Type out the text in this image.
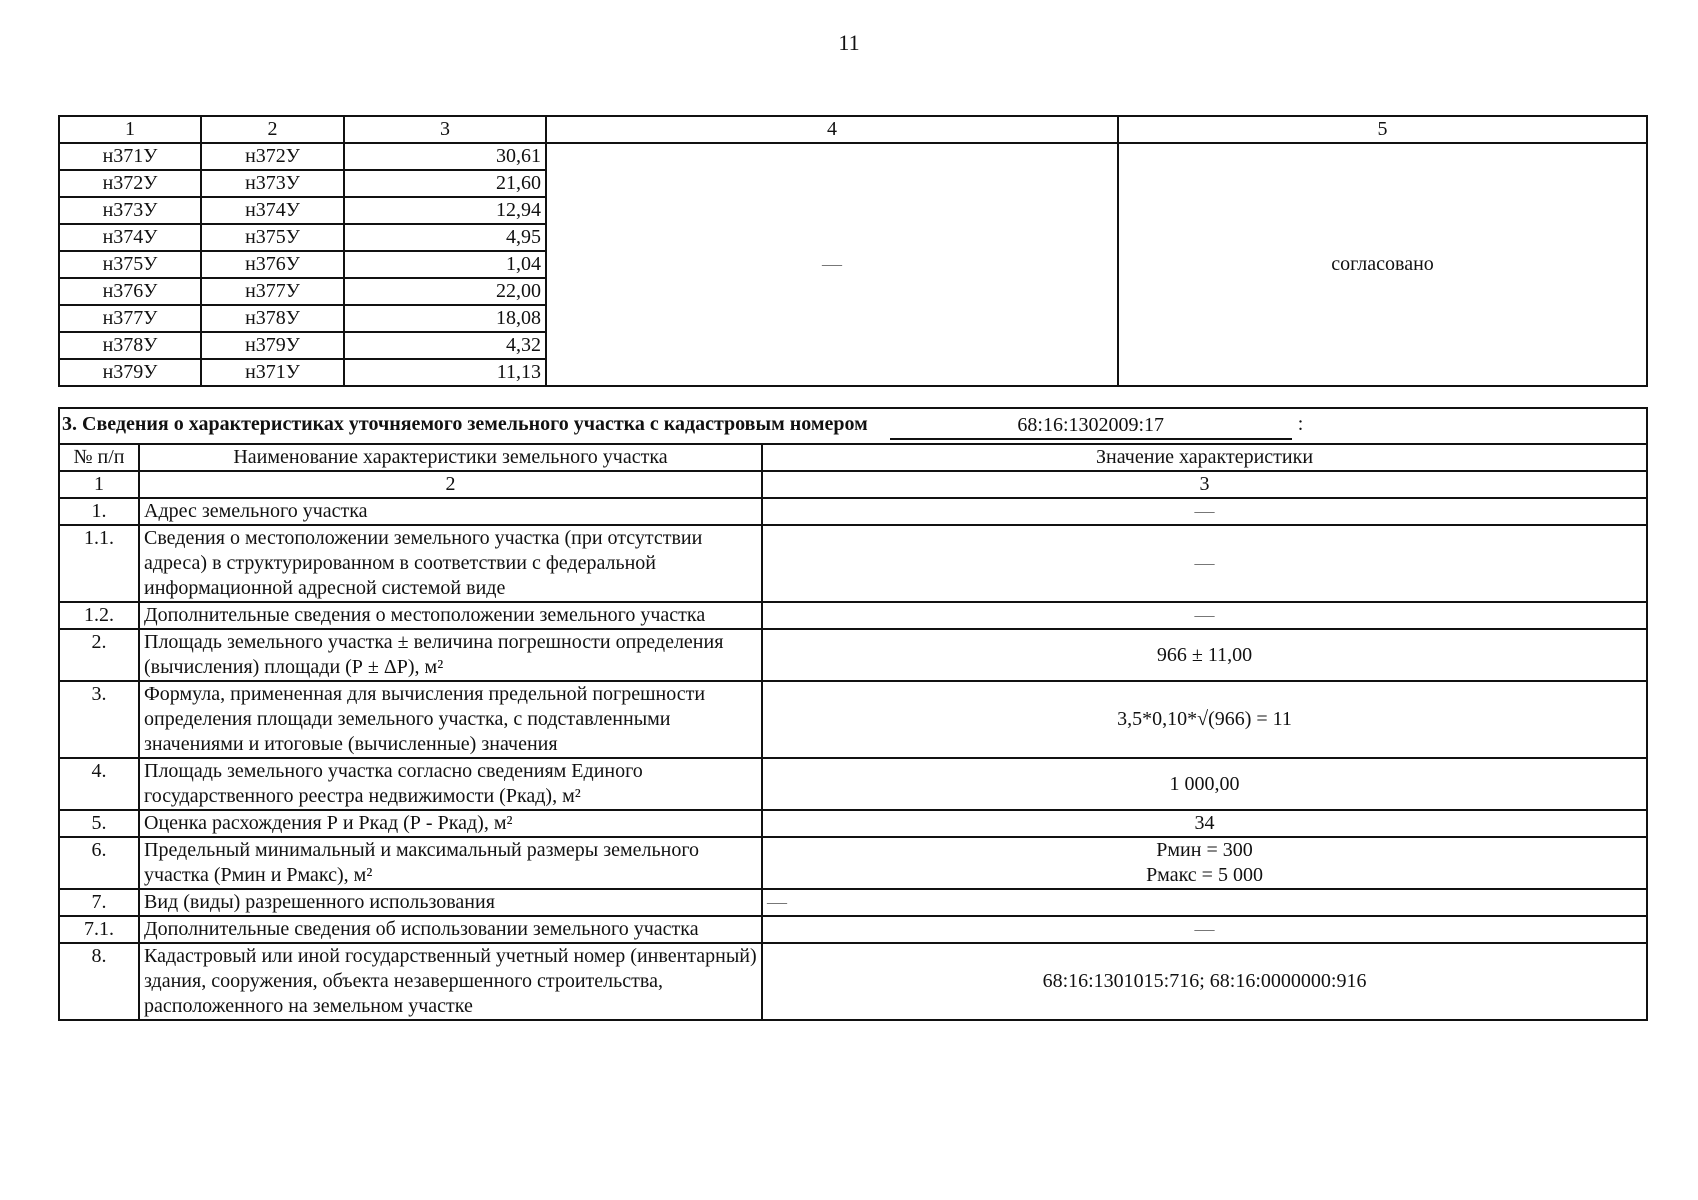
11
1	2	3	4	5
н371У	н372У	30,61	—	согласовано
н372У	н373У	21,60		
н373У	н374У	12,94		
н374У	н375У	4,95		
н375У	н376У	1,04		
н376У	н377У	22,00		
н377У	н378У	18,08		
н378У	н379У	4,32		
н379У	н371У	11,13		
3. Сведения о характеристиках уточняемого земельного участка с кадастровым номером 68:16:1302009:17 :		

№ п/п	Наименование характеристики земельного участка	Значение характеристики
1	2	3
1.	Адрес земельного участка	—
1.1.	Сведения о местоположении земельного участка (при отсутствии адреса) в структурированном в соответствии с федеральной информационной адресной системой виде	—
1.2.	Дополнительные сведения о местоположении земельного участка	—
2.	Площадь земельного участка ± величина погрешности определения (вычисления) площади (Р ± ΔР), м²	966 ± 11,00
3.	Формула, примененная для вычисления предельной погрешности определения площади земельного участка, с подставленными значениями и итоговые (вычисленные) значения	3,5*0,10*√(966) = 11
4.	Площадь земельного участка согласно сведениям Единого государственного реестра недвижимости (Ркад), м²	1 000,00
5.	Оценка расхождения Р и Ркад (Р - Ркад), м²	34
6.	Предельный минимальный и максимальный размеры земельного участка (Рмин и Рмакс), м²	Рмин = 300
Рмакс = 5 000

7.	Вид (виды) разрешенного использования	—
7.1.	Дополнительные сведения об использовании земельного участка	—
8.	Кадастровый или иной государственный учетный номер (инвентарный) здания, сооружения, объекта незавершенного строительства, расположенного на земельном участке	68:16:1301015:716; 68:16:0000000:916
